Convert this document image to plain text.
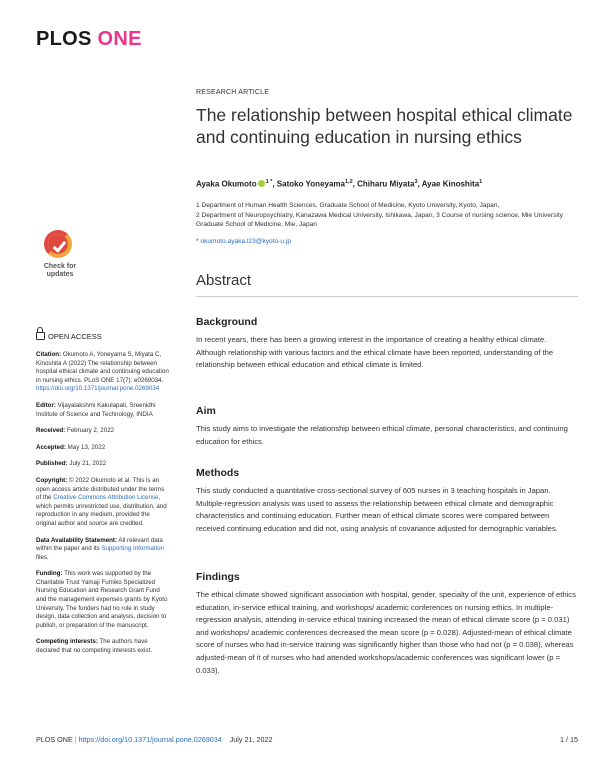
PLOS ONE
RESEARCH ARTICLE
The relationship between hospital ethical climate and continuing education in nursing ethics
Ayaka Okumoto $^{1 *}$, Satoko Yoneyama$^{1,2}$, Chiharu Miyata$^3$, Ayae Kinoshita$^1$

1 Department of Human Health Sciences, Graduate School of Medicine, Kyoto University, Kyoto, Japan,

2 Department of Neuropsychiatry, Kanazawa Medical University, Ishikawa, Japan, 3 Course of nursing science, Mie University Graduate School of Medicine, Mie, Japan

* okumoto.ayaka.l23@kyoto-u.jp
Check for
updates	Abstract
OPEN ACCESS

Citation: Okumoto A, Yoneyama S, Miyata C, Kinoshita A (2022) The relationship between hospital ethical climate and continuing education in nursing ethics. PLoS ONE 17(7): e0269034. https://doi.org/10.1371/journal.pone.0269034

Editor: Vijayalakshmi Kakulapati, Sreenidhi Institute of Science and Technology, INDIA

Received: February 2, 2022

Accepted: May 13, 2022

Published: July 21, 2022

Copyright: © 2022 Okumoto et al. This is an open access article distributed under the terms of the Creative Commons Attribution License, which permits unrestricted use, distribution, and reproduction in any medium, provided the original author and source are credited.

Data Availability Statement: All relevant data within the paper and its Supporting Information files.

Funding: This work was supported by the Charitable Trust Yamaji Fumiko Specialized Nursing Education and Research Grant Fund and the management expenses grants by Kyoto University. The funders had no role in study design, data collection and analysis, decision to publish, or preparation of the manuscript.

Competing interests: The authors have declared that no competing interests exist.

Background
In recent years, there has been a growing interest in the importance of creating a healthy ethical climate. Although relationship with various factors and the ethical climate have been reported, understanding of the relationship between ethical education and ethical climate is limited.
Aim
This study aims to investigate the relationship between ethical climate, personal characteristics, and continuing education for ethics.
Methods
This study conducted a quantitative cross-sectional survey of 605 nurses in 3 teaching hospitals in Japan. Multiple-regression analysis was used to assess the relationship between ethical climate and demographic characteristics and continuing education. Further mean of ethical climate scores were compared between received continuing education and did not, using analysis of covariance adjusted for demographic variables.
Findings
The ethical climate showed significant association with hospital, gender, specialty of the unit, experience of ethics education, in-service ethical training, and workshops/ academic conferences on nursing ethics. In multiple-regression analysis, attending in-service ethical training increased the mean of ethical climate score (p = 0.031) and workshops/ academic conferences decreased the mean score (p = 0.028). Adjusted-mean of ethical climate score of nurses who had in-service training was significantly higher than those who had not (p = 0.038), whereas adjusted-mean of it of nurses who had attended workshops/academic conferences was significant lower (p = 0.033).
PLOS ONE | https://doi.org/10.1371/journal.pone.0269034 July 21, 2022	1 / 15
